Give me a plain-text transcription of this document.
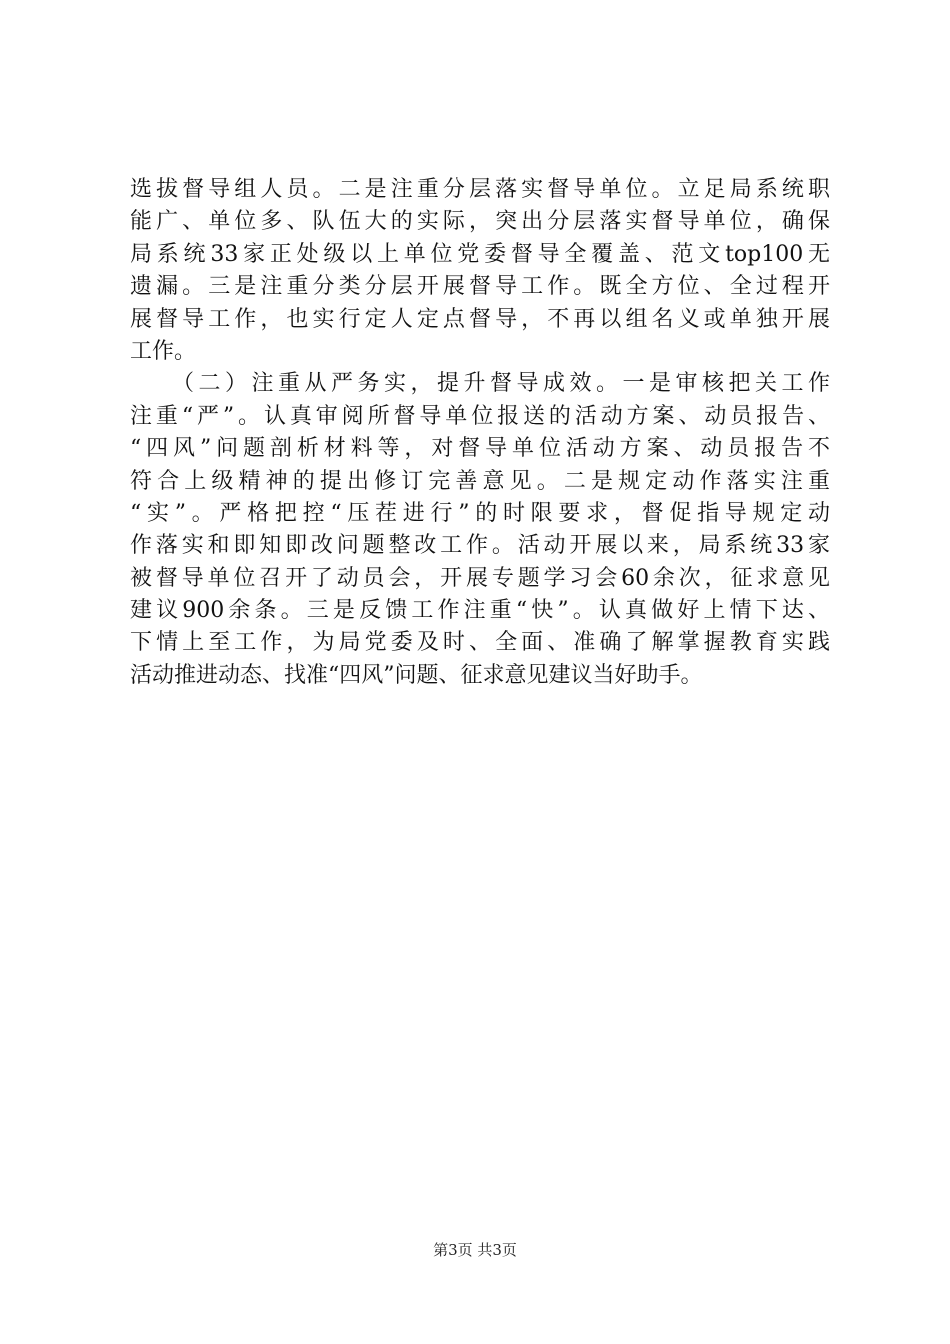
选拔督导组人员。二是注重分层落实督导单位。立足局系统职
能广、单位多、队伍大的实际，突出分层落实督导单位，确保
局系统33家正处级以上单位党委督导全覆盖、范文top100无
遗漏。三是注重分类分层开展督导工作。既全方位、全过程开
展督导工作，也实行定人定点督导，不再以组名义或单独开展
工作。
　　（二）注重从严务实，提升督导成效。一是审核把关工作
注重“严”。认真审阅所督导单位报送的活动方案、动员报告、
“四风”问题剖析材料等，对督导单位活动方案、动员报告不
符合上级精神的提出修订完善意见。二是规定动作落实注重
“实”。严格把控“压茬进行”的时限要求，督促指导规定动
作落实和即知即改问题整改工作。活动开展以来，局系统33家
被督导单位召开了动员会，开展专题学习会60余次，征求意见
建议900余条。三是反馈工作注重“快”。认真做好上情下达、
下情上至工作，为局党委及时、全面、准确了解掌握教育实践
活动推进动态、找准“四风”问题、征求意见建议当好助手。
第3页 共3页
